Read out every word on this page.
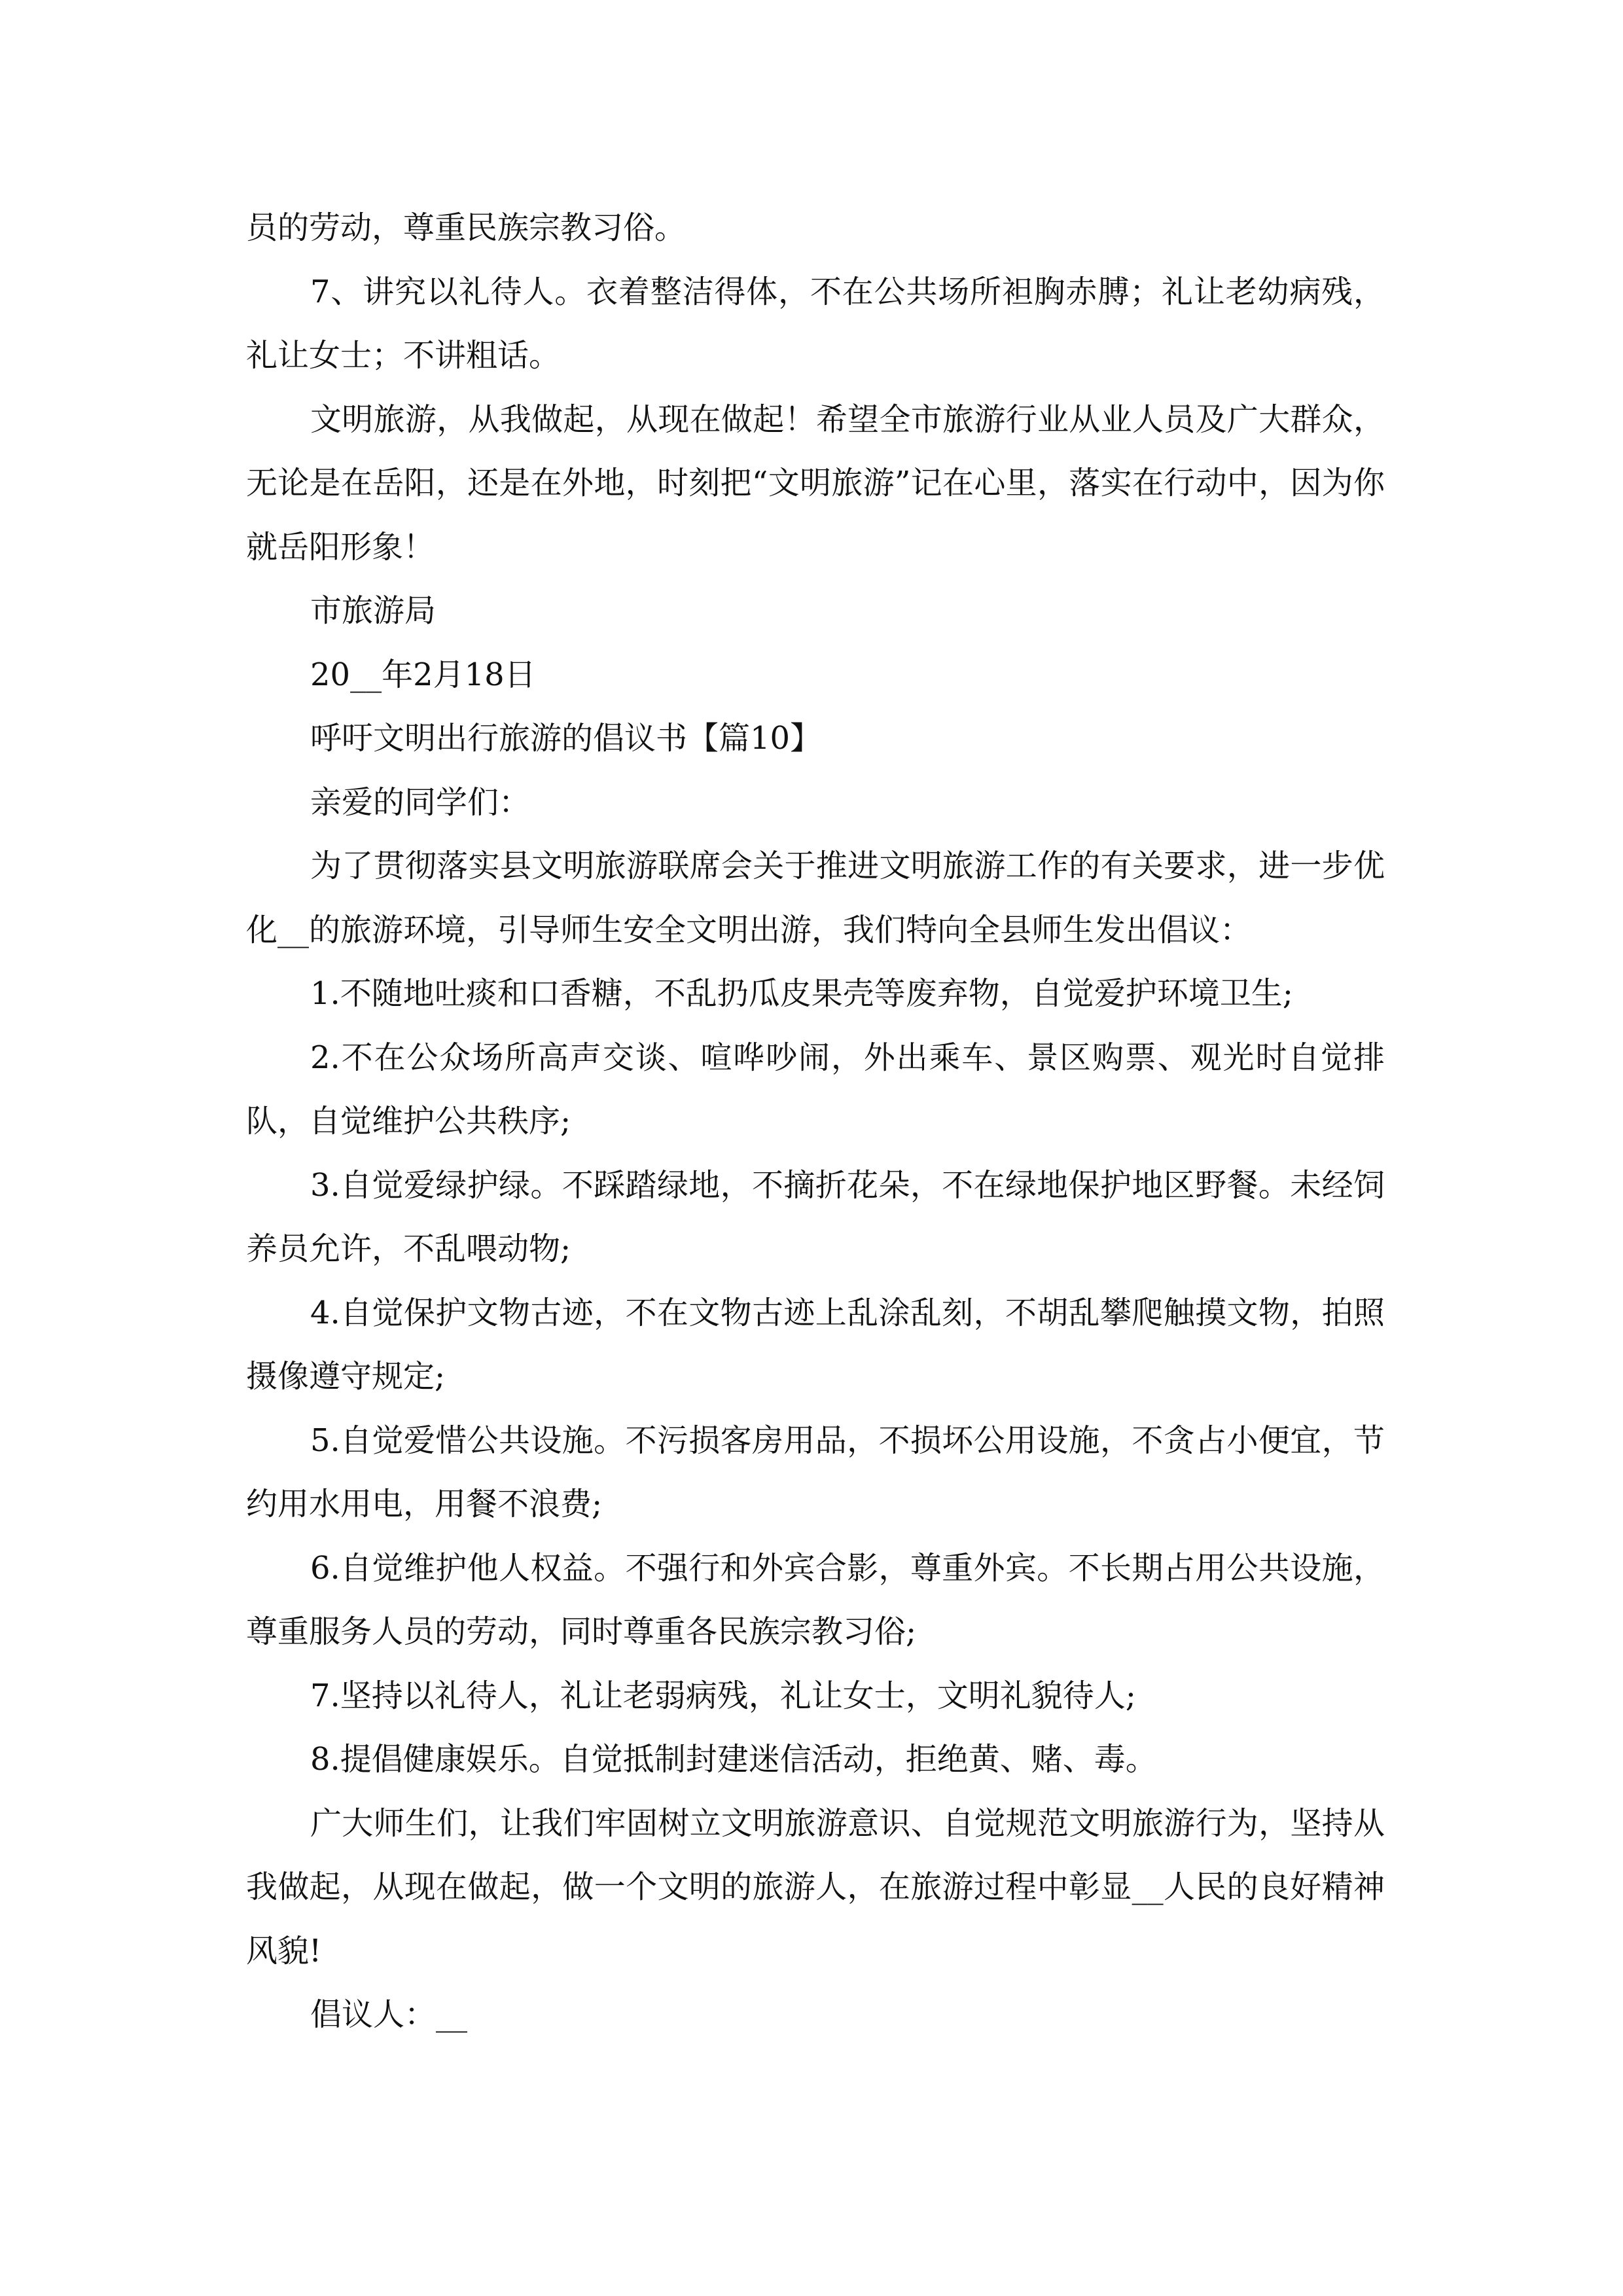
员的劳动，尊重民族宗教习俗。

7、讲究以礼待人。衣着整洁得体，不在公共场所袒胸赤膊；礼让老幼病残，礼让女士；不讲粗话。

文明旅游，从我做起，从现在做起！希望全市旅游行业从业人员及广大群众，无论是在岳阳，还是在外地，时刻把“文明旅游”记在心里，落实在行动中，因为你就岳阳形象！

市旅游局

20__年2月18日

呼吁文明出行旅游的倡议书【篇10】

亲爱的同学们：

为了贯彻落实县文明旅游联席会关于推进文明旅游工作的有关要求，进一步优化__的旅游环境，引导师生安全文明出游，我们特向全县师生发出倡议：

1.不随地吐痰和口香糖，不乱扔瓜皮果壳等废弃物，自觉爱护环境卫生;

2.不在公众场所高声交谈、喧哗吵闹，外出乘车、景区购票、观光时自觉排队，自觉维护公共秩序;

3.自觉爱绿护绿。不踩踏绿地，不摘折花朵，不在绿地保护地区野餐。未经饲养员允许，不乱喂动物;

4.自觉保护文物古迹，不在文物古迹上乱涂乱刻，不胡乱攀爬触摸文物，拍照摄像遵守规定;

5.自觉爱惜公共设施。不污损客房用品，不损坏公用设施，不贪占小便宜，节约用水用电，用餐不浪费;

6.自觉维护他人权益。不强行和外宾合影，尊重外宾。不长期占用公共设施，尊重服务人员的劳动，同时尊重各民族宗教习俗;

7.坚持以礼待人，礼让老弱病残，礼让女士，文明礼貌待人;

8.提倡健康娱乐。自觉抵制封建迷信活动，拒绝黄、赌、毒。

广大师生们，让我们牢固树立文明旅游意识、自觉规范文明旅游行为，坚持从我做起，从现在做起，做一个文明的旅游人，在旅游过程中彰显__人民的良好精神风貌!

倡议人：__
